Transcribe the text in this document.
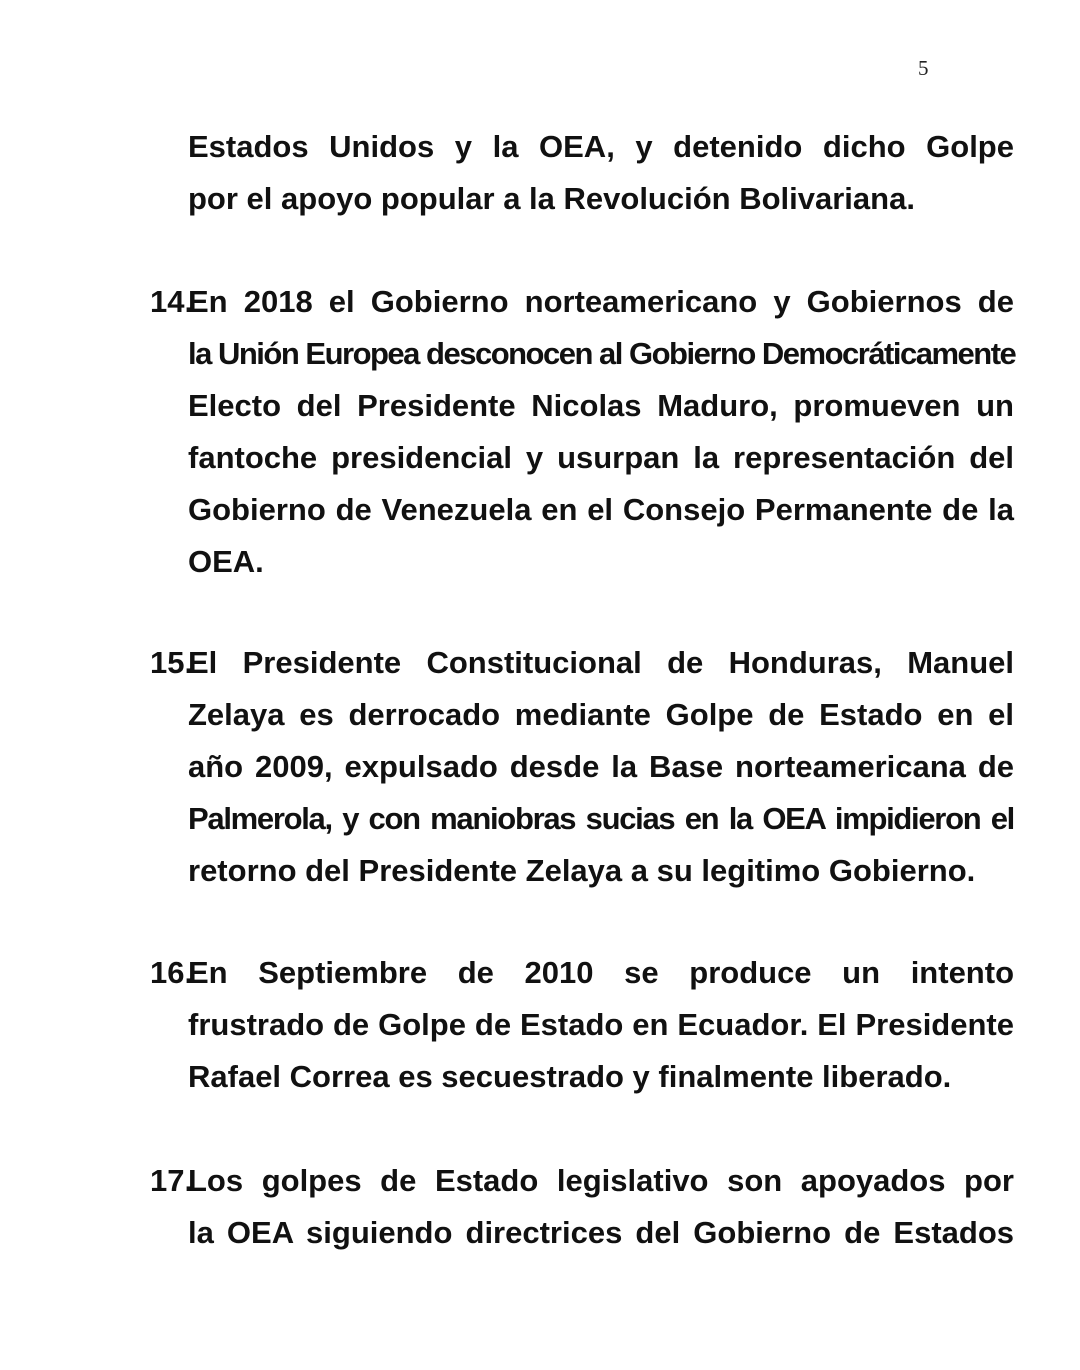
5
Estados Unidos y la OEA, y detenido dicho Golpe
por el apoyo popular a la Revolución Bolivariana.
14.
En 2018 el Gobierno norteamericano y Gobiernos de
la Unión Europea desconocen al Gobierno Democráticamente
Electo del Presidente Nicolas Maduro, promueven un
fantoche presidencial y usurpan la representación del
Gobierno de Venezuela en el Consejo Permanente de la
OEA.
15.
El Presidente Constitucional de Honduras, Manuel
Zelaya es derrocado mediante Golpe de Estado en el
año 2009, expulsado desde la Base norteamericana de
Palmerola, y con maniobras sucias en la OEA impidieron el
retorno del Presidente Zelaya a su legitimo Gobierno.
16.
En Septiembre de 2010 se produce un intento
frustrado de Golpe de Estado en Ecuador. El Presidente
Rafael Correa es secuestrado y finalmente liberado.
17.
Los golpes de Estado legislativo son apoyados por
la OEA siguiendo directrices del Gobierno de Estados
